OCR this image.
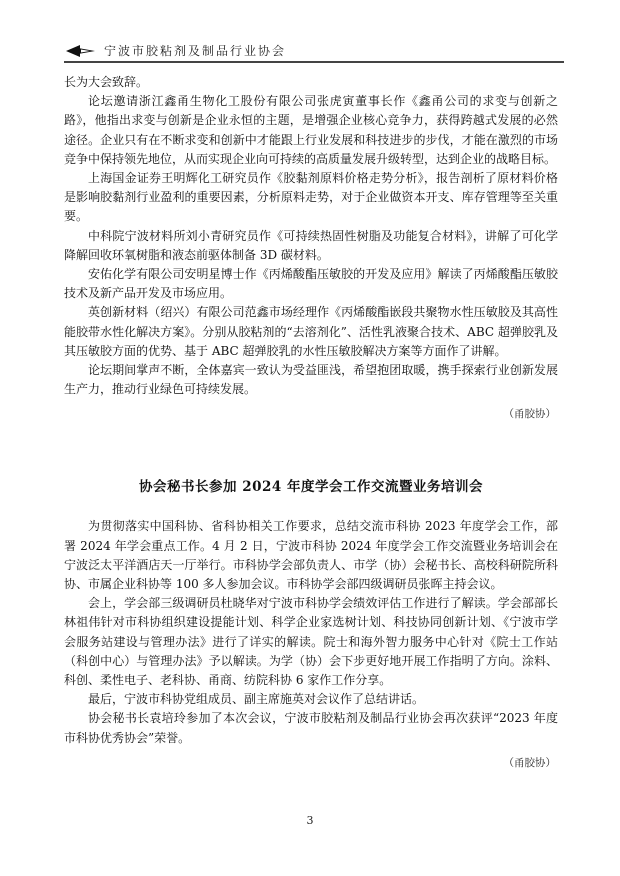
宁波市胶粘剂及制品行业协会

长为大会致辞。

论坛邀请浙江鑫甬生物化工股份有限公司张虎寅董事长作《鑫甬公司的求变与创新之路》，他指出求变与创新是企业永恒的主题，是增强企业核心竞争力，获得跨越式发展的必然途径。企业只有在不断求变和创新中才能跟上行业发展和科技进步的步伐，才能在激烈的市场竞争中保持领先地位，从而实现企业向可持续的高质量发展升级转型，达到企业的战略目标。

上海国金证券王明辉化工研究员作《胶黏剂原料价格走势分析》，报告剖析了原材料价格是影响胶黏剂行业盈利的重要因素，分析原料走势，对于企业做资本开支、库存管理等至关重要。

中科院宁波材料所刘小青研究员作《可持续热固性树脂及功能复合材料》，讲解了可化学降解回收环氧树脂和液态前驱体制备 3D 碳材料。

安佑化学有限公司安明星博士作《丙烯酸酯压敏胶的开发及应用》解读了丙烯酸酯压敏胶技术及新产品开发及市场应用。

英创新材料（绍兴）有限公司范鑫市场经理作《丙烯酸酯嵌段共聚物水性压敏胶及其高性能胶带水性化解决方案》。分别从胶粘剂的“去溶剂化”、活性乳液聚合技术、ABC 超弹胶乳及其压敏胶方面的优势、基于 ABC 超弹胶乳的水性压敏胶解决方案等方面作了讲解。

论坛期间掌声不断，全体嘉宾一致认为受益匪浅，希望抱团取暖，携手探索行业创新发展生产力，推动行业绿色可持续发展。

（甬胶协）
协会秘书长参加 2024 年度学会工作交流暨业务培训会

为贯彻落实中国科协、省科协相关工作要求，总结交流市科协 2023 年度学会工作，部署 2024 年学会重点工作。4 月 2 日，宁波市科协 2024 年度学会工作交流暨业务培训会在宁波泛太平洋酒店天一厅举行。市科协学会部负责人、市学（协）会秘书长、高校科研院所科协、市属企业科协等 100 多人参加会议。市科协学会部四级调研员张晖主持会议。

会上，学会部三级调研员杜晓华对宁波市科协学会绩效评估工作进行了解读。学会部部长林祖伟针对市科协组织建设提能计划、科学企业家选树计划、科技协同创新计划、《宁波市学会服务站建设与管理办法》进行了详实的解读。院士和海外智力服务中心针对《院士工作站（科创中心）与管理办法》予以解读。为学（协）会下步更好地开展工作指明了方向。涂料、科创、柔性电子、老科协、甬商、纺院科协 6 家作工作分享。

最后，宁波市科协党组成员、副主席施英对会议作了总结讲话。

协会秘书长袁培玲参加了本次会议，宁波市胶粘剂及制品行业协会再次获评“2023 年度市科协优秀协会”荣誉。

（甬胶协）
3
